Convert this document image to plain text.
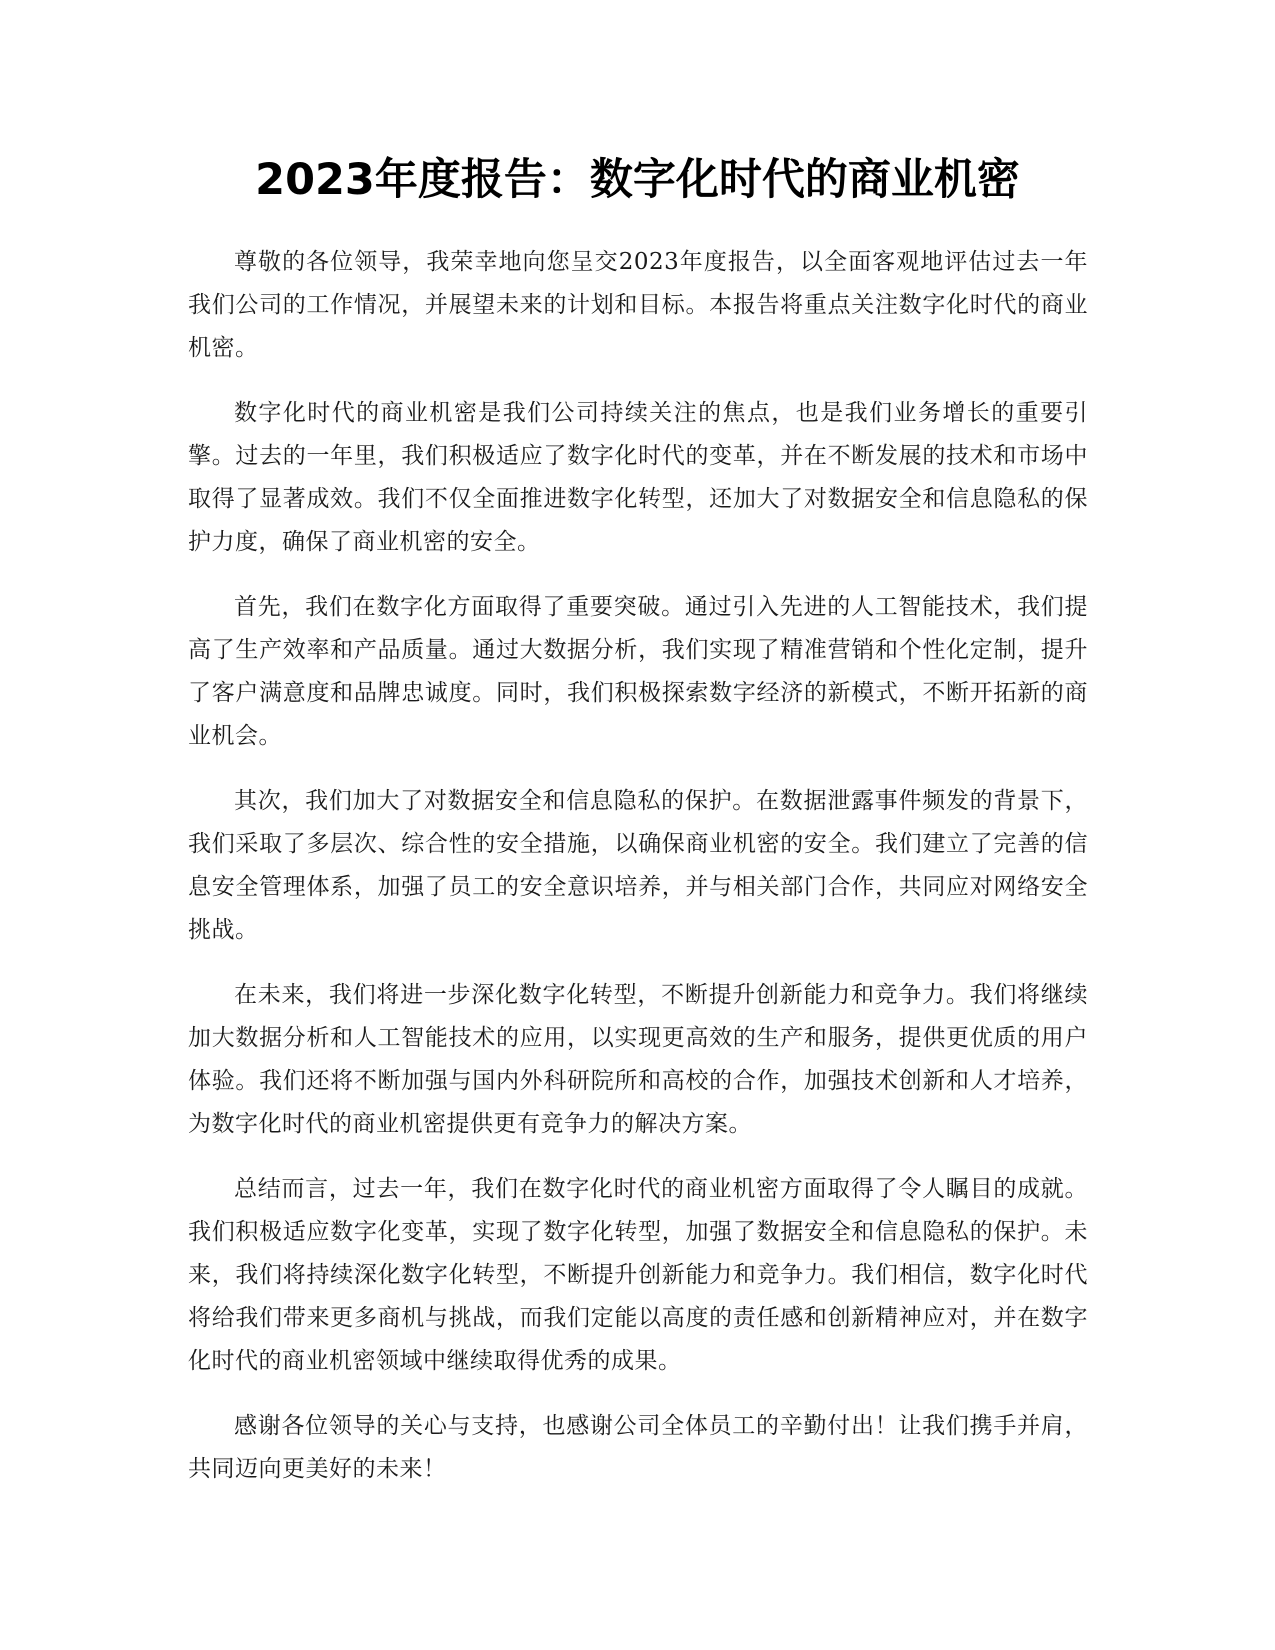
2023年度报告：数字化时代的商业机密

尊敬的各位领导，我荣幸地向您呈交2023年度报告，以全面客观地评估过去一年我们公司的工作情况，并展望未来的计划和目标。本报告将重点关注数字化时代的商业机密。

数字化时代的商业机密是我们公司持续关注的焦点，也是我们业务增长的重要引擎。过去的一年里，我们积极适应了数字化时代的变革，并在不断发展的技术和市场中取得了显著成效。我们不仅全面推进数字化转型，还加大了对数据安全和信息隐私的保护力度，确保了商业机密的安全。

首先，我们在数字化方面取得了重要突破。通过引入先进的人工智能技术，我们提高了生产效率和产品质量。通过大数据分析，我们实现了精准营销和个性化定制，提升了客户满意度和品牌忠诚度。同时，我们积极探索数字经济的新模式，不断开拓新的商业机会。

其次，我们加大了对数据安全和信息隐私的保护。在数据泄露事件频发的背景下，我们采取了多层次、综合性的安全措施，以确保商业机密的安全。我们建立了完善的信息安全管理体系，加强了员工的安全意识培养，并与相关部门合作，共同应对网络安全挑战。

在未来，我们将进一步深化数字化转型，不断提升创新能力和竞争力。我们将继续加大数据分析和人工智能技术的应用，以实现更高效的生产和服务，提供更优质的用户体验。我们还将不断加强与国内外科研院所和高校的合作，加强技术创新和人才培养，为数字化时代的商业机密提供更有竞争力的解决方案。

总结而言，过去一年，我们在数字化时代的商业机密方面取得了令人瞩目的成就。我们积极适应数字化变革，实现了数字化转型，加强了数据安全和信息隐私的保护。未来，我们将持续深化数字化转型，不断提升创新能力和竞争力。我们相信，数字化时代将给我们带来更多商机与挑战，而我们定能以高度的责任感和创新精神应对，并在数字化时代的商业机密领域中继续取得优秀的成果。

感谢各位领导的关心与支持，也感谢公司全体员工的辛勤付出！让我们携手并肩，共同迈向更美好的未来！
